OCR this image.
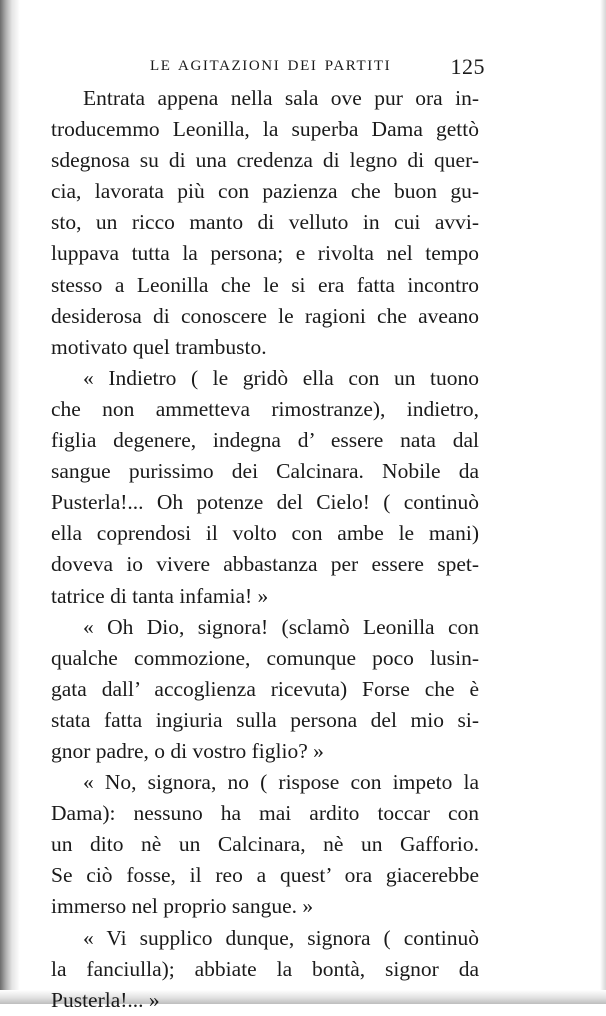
LE AGITAZIONI DEI PARTITI	125

Entrata appena nella sala ove pur ora in-
troducemmo Leonilla, la superba Dama gettò
sdegnosa su di una credenza di legno di quer-
cia, lavorata più con pazienza che buon gu-
sto, un ricco manto di velluto in cui avvi-
luppava tutta la persona; e rivolta nel tempo
stesso a Leonilla che le si era fatta incontro
desiderosa di conoscere le ragioni che aveano
motivato quel trambusto.

« Indietro ( le gridò ella con un tuono
che non ammetteva rimostranze), indietro,
figlia degenere, indegna d’ essere nata dal
sangue purissimo dei Calcinara. Nobile da
Pusterla!... Oh potenze del Cielo! ( continuò
ella coprendosi il volto con ambe le mani)
doveva io vivere abbastanza per essere spet-
tatrice di tanta infamia! »

« Oh Dio, signora! (sclamò Leonilla con
qualche commozione, comunque poco lusin-
gata dall’ accoglienza ricevuta) Forse che è
stata fatta ingiuria sulla persona del mio si-
gnor padre, o di vostro figlio? »

« No, signora, no ( rispose con impeto la
Dama): nessuno ha mai ardito toccar con
un dito nè un Calcinara, nè un Gafforio.
Se ciò fosse, il reo a quest’ ora giacerebbe
immerso nel proprio sangue. »

« Vi supplico dunque, signora ( continuò
la fanciulla); abbiate la bontà, signor da
Pusterla!... »
